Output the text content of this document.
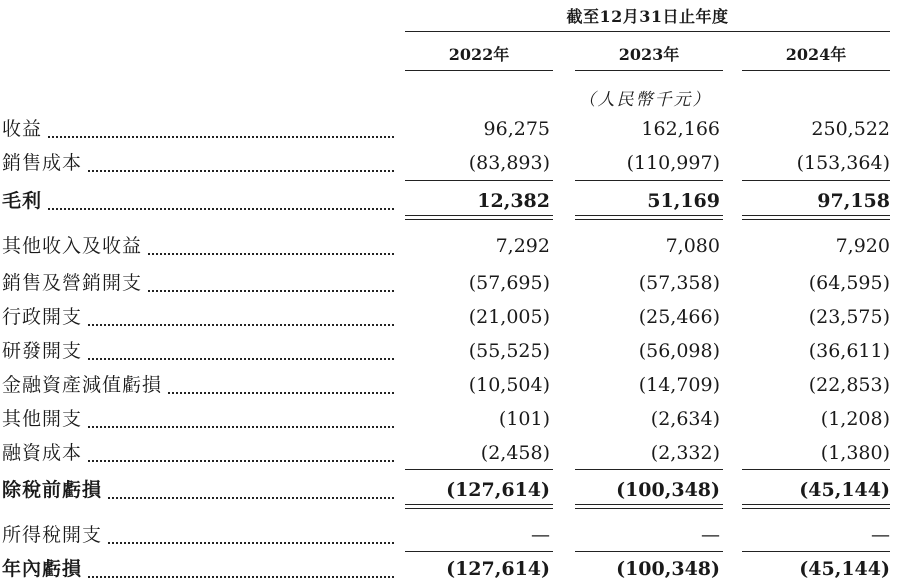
截至12月31日止年度
2022年	2023年	2024年
（人民幣千元）
收益	96,275	162,166	250,522
銷售成本	(83,893)	(110,997)	(153,364)
毛利	12,382	51,169	97,158
其他收入及收益	7,292	7,080	7,920
銷售及營銷開支	(57,695)	(57,358)	(64,595)
行政開支	(21,005)	(25,466)	(23,575)
研發開支	(55,525)	(56,098)	(36,611)
金融資產減值虧損	(10,504)	(14,709)	(22,853)
其他開支	(101)	(2,634)	(1,208)
融資成本	(2,458)	(2,332)	(1,380)
除稅前虧損	(127,614)	(100,348)	(45,144)
所得稅開支	—	—	—
年內虧損	(127,614)	(100,348)	(45,144)
